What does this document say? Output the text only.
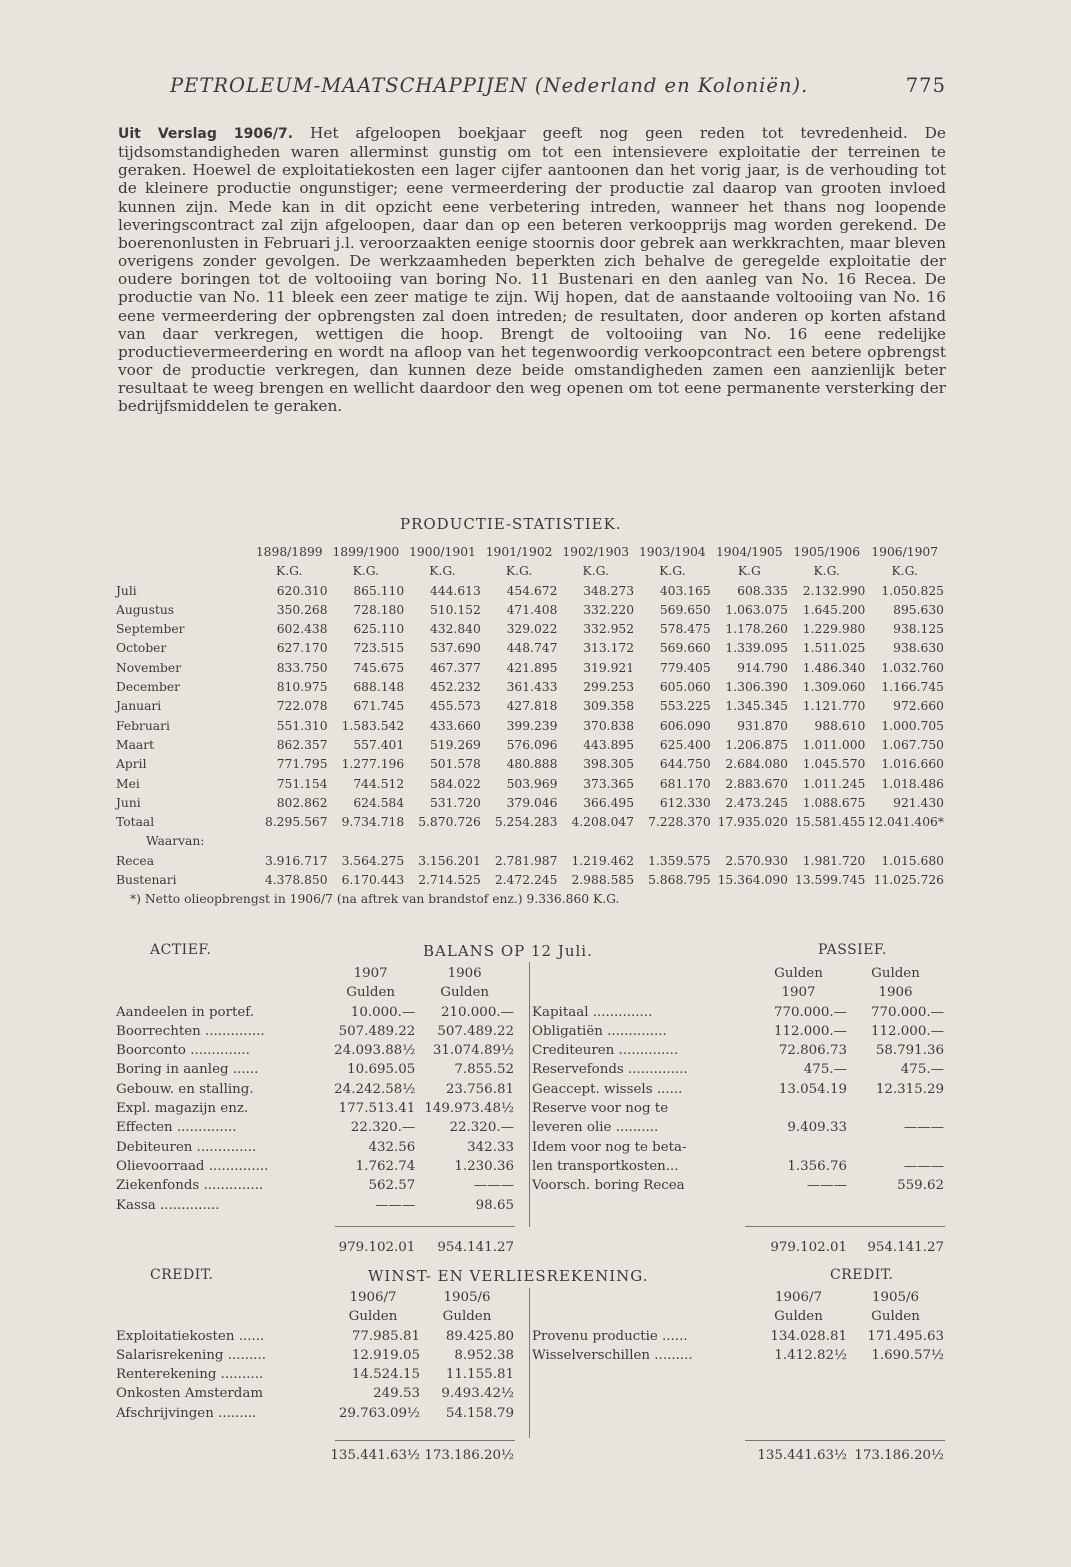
PETROLEUM-MAATSCHAPPIJEN (Nederland en Koloniën).	775
Uit Verslag 1906/7. Het afgeloopen boekjaar geeft nog geen reden tot tevredenheid. De tijdsomstandigheden waren allerminst gunstig om tot een intensievere exploitatie der terreinen te geraken. Hoewel de exploitatiekosten een lager cijfer aantoonen dan het vorig jaar, is de verhouding tot de kleinere productie ongunstiger; eene vermeerdering der productie zal daarop van grooten invloed kunnen zijn. Mede kan in dit opzicht eene verbetering intreden, wanneer het thans nog loopende leveringscontract zal zijn afgeloopen, daar dan op een beteren verkoopprijs mag worden gerekend. De boerenonlusten in Februari j.l. veroorzaakten eenige stoornis door gebrek aan werkkrachten, maar bleven overigens zonder gevolgen. De werkzaamheden beperkten zich behalve de geregelde exploitatie der oudere boringen tot de voltooiing van boring No. 11 Bustenari en den aanleg van No. 16 Recea. De productie van No. 11 bleek een zeer matige te zijn. Wij hopen, dat de aanstaande voltooiing van No. 16 eene vermeerdering der opbrengsten zal doen intreden; de resultaten, door anderen op korten afstand van daar verkregen, wettigen die hoop. Brengt de voltooiing van No. 16 eene redelijke productievermeerdering en wordt na afloop van het tegenwoordig verkoopcontract een betere opbrengst voor de productie verkregen, dan kunnen deze beide omstandigheden zamen een aanzienlijk beter resultaat te weeg brengen en wellicht daardoor den weg openen om tot eene permanente versterking der bedrijfsmiddelen te geraken.
PRODUCTIE-STATISTIEK.
	1898/1899	1899/1900	1900/1901	1901/1902	1902/1903	1903/1904	1904/1905	1905/1906	1906/1907
	K.G.	K.G.	K.G.	K.G.	K.G.	K.G.	K.G	K.G.	K.G.
Juli	620.310	865.110	444.613	454.672	348.273	403.165	608.335	2.132.990	1.050.825
Augustus	350.268	728.180	510.152	471.408	332.220	569.650	1.063.075	1.645.200	895.630
September	602.438	625.110	432.840	329.022	332.952	578.475	1.178.260	1.229.980	938.125
October	627.170	723.515	537.690	448.747	313.172	569.660	1.339.095	1.511.025	938.630
November	833.750	745.675	467.377	421.895	319.921	779.405	914.790	1.486.340	1.032.760
December	810.975	688.148	452.232	361.433	299.253	605.060	1.306.390	1.309.060	1.166.745
Januari	722.078	671.745	455.573	427.818	309.358	553.225	1.345.345	1.121.770	972.660
Februari	551.310	1.583.542	433.660	399.239	370.838	606.090	931.870	988.610	1.000.705
Maart	862.357	557.401	519.269	576.096	443.895	625.400	1.206.875	1.011.000	1.067.750
April	771.795	1.277.196	501.578	480.888	398.305	644.750	2.684.080	1.045.570	1.016.660
Mei	751.154	744.512	584.022	503.969	373.365	681.170	2.883.670	1.011.245	1.018.486
Juni	802.862	624.584	531.720	379.046	366.495	612.330	2.473.245	1.088.675	921.430

Totaal	8.295.567	9.734.718	5.870.726	5.254.283	4.208.047	7.228.370	17.935.020	15.581.455	12.041.406*
Waarvan:									
Recea	3.916.717	3.564.275	3.156.201	2.781.987	1.219.462	1.359.575	2.570.930	1.981.720	1.015.680
Bustenari	4.378.850	6.170.443	2.714.525	2.472.245	2.988.585	5.868.795	15.364.090	13.599.745	11.025.726
*) Netto olieopbrengst in 1906/7 (na aftrek van brandstof enz.) 9.336.860 K.G.									
ACTIEF.	BALANS OP 12 Juli.	PASSIEF.
	1907	1906
	Gulden	Gulden
Aandeelen in portef.	10.000.—	210.000.—
Boorrechten ..............	507.489.22	507.489.22
Boorconto ..............	24.093.88½	31.074.89½
Boring in aanleg ......	10.695.05	7.855.52
Gebouw. en stalling.	24.242.58½	23.756.81
Expl. magazijn enz.	177.513.41	149.973.48½
Effecten ..............	22.320.—	22.320.—
Debiteuren ..............	432.56	342.33
Olievoorraad ..............	1.762.74	1.230.36
Ziekenfonds ..............	562.57	———
Kassa ..............	———	98.65

	979.102.01	954.141.27
	Gulden	Gulden
	1907	1906
Kapitaal ..............	770.000.—	770.000.—
Obligatiën ..............	112.000.—	112.000.—
Crediteuren ..............	72.806.73	58.791.36
Reservefonds ..............	475.—	475.—
Geaccept. wissels ......	13.054.19	12.315.29
Reserve voor nog te		
leveren olie ..........	9.409.33	———
Idem voor nog te beta-		
len transportkosten...	1.356.76	———
Voorsch. boring Recea	———	559.62

	979.102.01	954.141.27
CREDIT.	WINST- EN VERLIESREKENING.	CREDIT.
	1906/7	1905/6
	Gulden	Gulden
Exploitatiekosten ......	77.985.81	89.425.80
Salarisrekening .........	12.919.05	8.952.38
Renterekening ..........	14.524.15	11.155.81
Onkosten Amsterdam	249.53	9.493.42½
Afschrijvingen .........	29.763.09½	54.158.79

	135.441.63½	173.186.20½
	1906/7	1905/6
	Gulden	Gulden
Provenu productie ......	134.028.81	171.495.63
Wisselverschillen .........	1.412.82½	1.690.57½

	135.441.63½	173.186.20½
